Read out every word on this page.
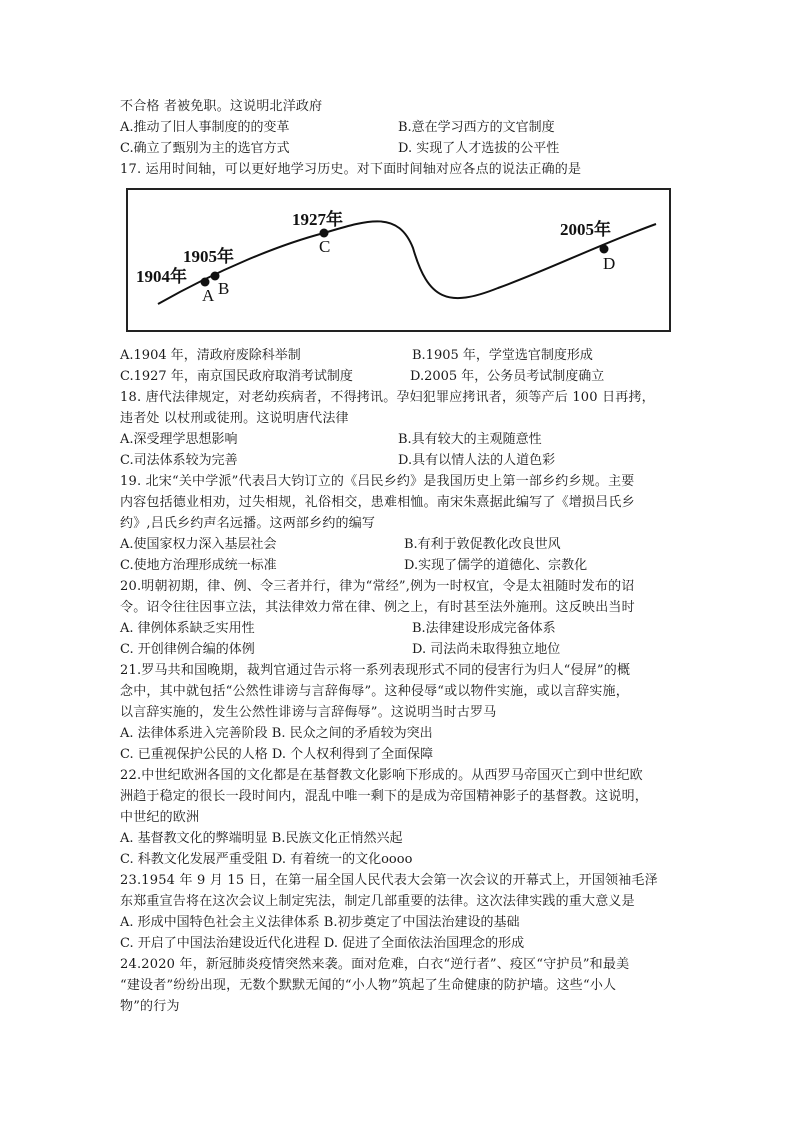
不合格 者被免职。这说明北洋政府
A.推动了旧人事制度的的变革	B.意在学习西方的文官制度
C.确立了甄别为主的选官方式	D. 实现了人才选拔的公平性
17. 运用时间轴，可以更好地学习历史。对下面时间轴对应各点的说法正确的是
1904年
1905年
1927年
2005年
A B
C
D
A.1904 年，清政府废除科举制	B.1905 年，学堂选官制度形成
C.1927 年，南京国民政府取消考试制度	D.2005 年，公务员考试制度确立
18. 唐代法律规定，对老幼疾病者，不得拷讯。孕妇犯罪应拷讯者，须等产后 100 日再拷，
违者处 以杖刑或徒刑。这说明唐代法律
A.深受理学思想影响	B.具有较大的主观随意性
C.司法体系较为完善	D.具有以情人法的人道色彩
19. 北宋“关中学派”代表吕大钧订立的《吕民乡约》是我国历史上第一部乡约乡规。主要
内容包括德业相劝，过失相规，礼俗相交，患难相恤。南宋朱熹据此编写了《增损吕氏乡
约》,吕氏乡约声名远播。这两部乡约的编写
A.使国家权力深入基层社会	B.有利于敦促教化改良世风
C.使地方治理形成统一标准	D.实现了儒学的道德化、宗教化
20.明朝初期，律、例、令三者并行，律为“常经”,例为一时权宜，令是太祖随时发布的诏
令。诏令往往因事立法，其法律效力常在律、例之上，有时甚至法外施刑。这反映出当时
A. 律例体系缺乏实用性	B.法律建设形成完备体系
C. 开创律例合编的体例	D. 司法尚未取得独立地位
21.罗马共和国晚期，裁判官通过告示将一系列表现形式不同的侵害行为归人“侵屏”的概
念中，其中就包括“公然性诽谤与言辞侮辱”。这种侵辱“或以物件实施，或以言辞实施，
以言辞实施的，发生公然性诽谤与言辞侮辱”。这说明当时古罗马
A. 法律体系进入完善阶段 B. 民众之间的矛盾较为突出
C. 已重视保护公民的人格 D. 个人权利得到了全面保障
22.中世纪欧洲各国的文化都是在基督教文化影响下形成的。从西罗马帝国灭亡到中世纪欧
洲趋于稳定的很长一段时间内，混乱中唯一剩下的是成为帝国精神影子的基督教。这说明，
中世纪的欧洲
A. 基督教文化的弊端明显 B.民族文化正悄然兴起
C. 科教文化发展严重受阻 D. 有着统一的文化oooo
23.1954 年 9 月 15 日，在第一届全国人民代表大会第一次会议的开幕式上，开国领袖毛泽
东郑重宣告将在这次会议上制定宪法，制定几部重要的法律。这次法律实践的重大意义是
A. 形成中国特色社会主义法律体系 B.初步奠定了中国法治建设的基础
C. 开启了中国法治建设近代化进程 D. 促进了全面依法治国理念的形成
24.2020 年，新冠肺炎疫情突然来袭。面对危难，白衣“逆行者”、疫区“守护员”和最美
“建设者”纷纷出现，无数个默默无闻的“小人物”筑起了生命健康的防护墙。这些“小人
物”的行为
